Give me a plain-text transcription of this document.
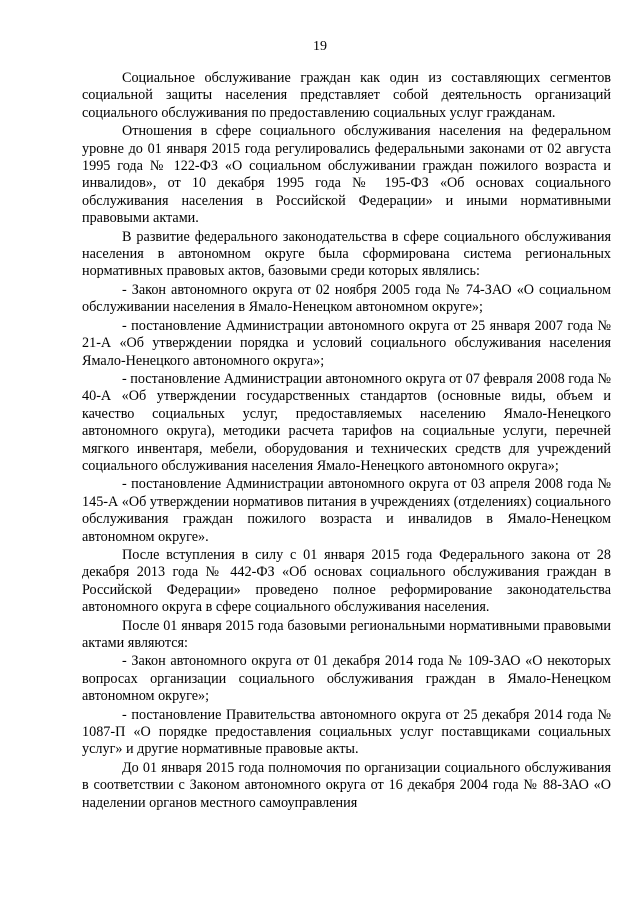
19

Социальное обслуживание граждан как один из составляющих сегментов социальной защиты населения представляет собой деятельность организаций социального обслуживания по предоставлению социальных услуг гражданам.

Отношения в сфере социального обслуживания населения на федеральном уровне до 01 января 2015 года регулировались федеральными законами от 02 августа 1995 года № 122-ФЗ «О социальном обслуживании граждан пожилого возраста и инвалидов», от 10 декабря 1995 года № 195-ФЗ «Об основах социального обслуживания населения в Российской Федерации» и иными нормативными правовыми актами.

В развитие федерального законодательства в сфере социального обслуживания населения в автономном округе была сформирована система региональных нормативных правовых актов, базовыми среди которых являлись:

- Закон автономного округа от 02 ноября 2005 года № 74-ЗАО «О социальном обслуживании населения в Ямало-Ненецком автономном округе»;

- постановление Администрации автономного округа от 25 января 2007 года № 21-А «Об утверждении порядка и условий социального обслуживания населения Ямало-Ненецкого автономного округа»;

- постановление Администрации автономного округа от 07 февраля 2008 года № 40-А «Об утверждении государственных стандартов (основные виды, объем и качество социальных услуг, предоставляемых населению Ямало-Ненецкого автономного округа), методики расчета тарифов на социальные услуги, перечней мягкого инвентаря, мебели, оборудования и технических средств для учреждений социального обслуживания населения Ямало-Ненецкого автономного округа»;

- постановление Администрации автономного округа от 03 апреля 2008 года № 145-А «Об утверждении нормативов питания в учреждениях (отделениях) социального обслуживания граждан пожилого возраста и инвалидов в Ямало-Ненецком автономном округе».

После вступления в силу с 01 января 2015 года Федерального закона от 28 декабря 2013 года № 442-ФЗ «Об основах социального обслуживания граждан в Российской Федерации» проведено полное реформирование законодательства автономного округа в сфере социального обслуживания населения.

После 01 января 2015 года базовыми региональными нормативными правовыми актами являются:

- Закон автономного округа от 01 декабря 2014 года № 109-ЗАО «О некоторых вопросах организации социального обслуживания граждан в Ямало-Ненецком автономном округе»;

- постановление Правительства автономного округа от 25 декабря 2014 года № 1087-П «О порядке предоставления социальных услуг поставщиками социальных услуг» и другие нормативные правовые акты.

До 01 января 2015 года полномочия по организации социального обслуживания в соответствии с Законом автономного округа от 16 декабря 2004 года № 88-ЗАО «О наделении органов местного самоуправления
